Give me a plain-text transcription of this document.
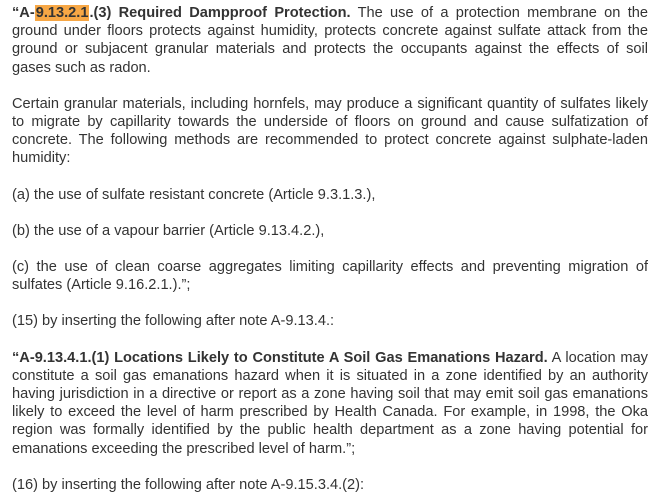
“A-9.13.2.1.(3) Required Dampproof Protection. The use of a protection membrane on the ground under floors protects against humidity, protects concrete against sulfate attack from the ground or subjacent granular materials and protects the occupants against the effects of soil gases such as radon.

Certain granular materials, including hornfels, may produce a significant quantity of sulfates likely to migrate by capillarity towards the underside of floors on ground and cause sulfatization of concrete. The following methods are recommended to protect concrete against sulphate-laden humidity:

(a) the use of sulfate resistant concrete (Article 9.3.1.3.),

(b) the use of a vapour barrier (Article 9.13.4.2.),

(c) the use of clean coarse aggregates limiting capillarity effects and preventing migration of sulfates (Article 9.16.2.1.).”;

(15) by inserting the following after note A-9.13.4.:

“A-9.13.4.1.(1) Locations Likely to Constitute A Soil Gas Emanations Hazard. A location may constitute a soil gas emanations hazard when it is situated in a zone identified by an authority having jurisdiction in a directive or report as a zone having soil that may emit soil gas emanations likely to exceed the level of harm prescribed by Health Canada. For example, in 1998, the Oka region was formally identified by the public health department as a zone having potential for emanations exceeding the prescribed level of harm.”;

(16) by inserting the following after note A-9.15.3.4.(2):
